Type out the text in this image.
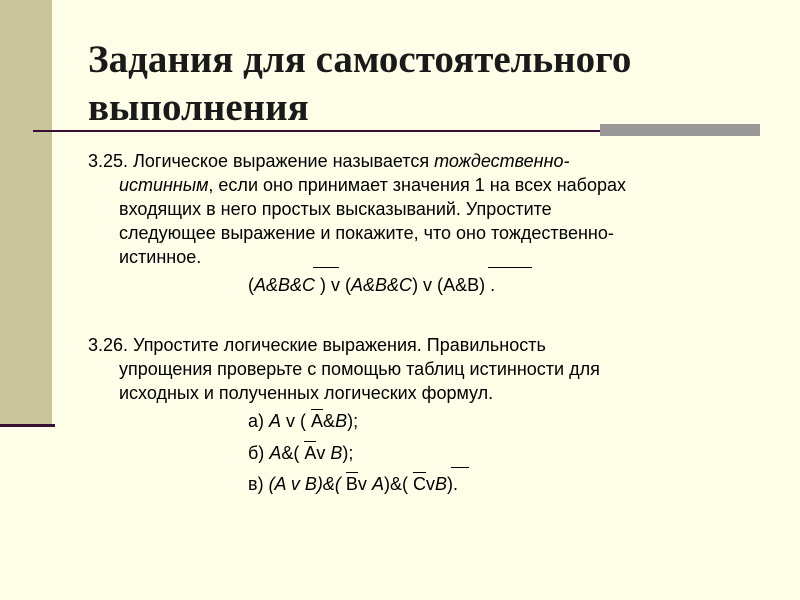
Задания для самостоятельного выполнения
3.25. Логическое выражение называется тождественно-
истинным, если оно принимает значения 1 на всех наборах
входящих в него простых высказываний. Упростите
следующее выражение и покажите, что оно тождественно-
истинное.
(A&B&C ) v (A&B&C) v (A&B) .
3.26. Упростите логические выражения. Правильность
упрощения проверьте с помощью таблиц истинности для
исходных и полученных логических формул.
а) A v ( A&B);
б) A&( Av B);
в) (A v B)&( Bv A)&( CvB).
